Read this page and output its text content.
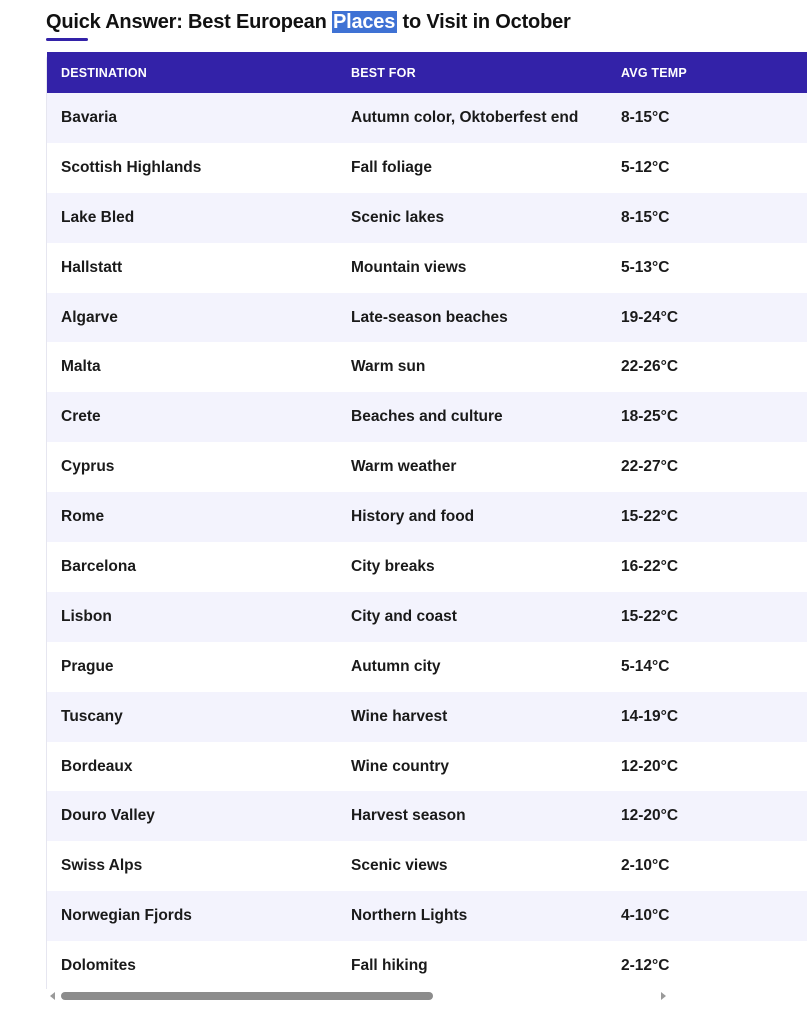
Quick Answer: Best European Places to Visit in October
DESTINATION	BEST FOR	AVG TEMP
Bavaria	Autumn color, Oktoberfest end	8-15°C
Scottish Highlands	Fall foliage	5-12°C
Lake Bled	Scenic lakes	8-15°C
Hallstatt	Mountain views	5-13°C
Algarve	Late-season beaches	19-24°C
Malta	Warm sun	22-26°C
Crete	Beaches and culture	18-25°C
Cyprus	Warm weather	22-27°C
Rome	History and food	15-22°C
Barcelona	City breaks	16-22°C
Lisbon	City and coast	15-22°C
Prague	Autumn city	5-14°C
Tuscany	Wine harvest	14-19°C
Bordeaux	Wine country	12-20°C
Douro Valley	Harvest season	12-20°C
Swiss Alps	Scenic views	2-10°C
Norwegian Fjords	Northern Lights	4-10°C
Dolomites	Fall hiking	2-12°C
